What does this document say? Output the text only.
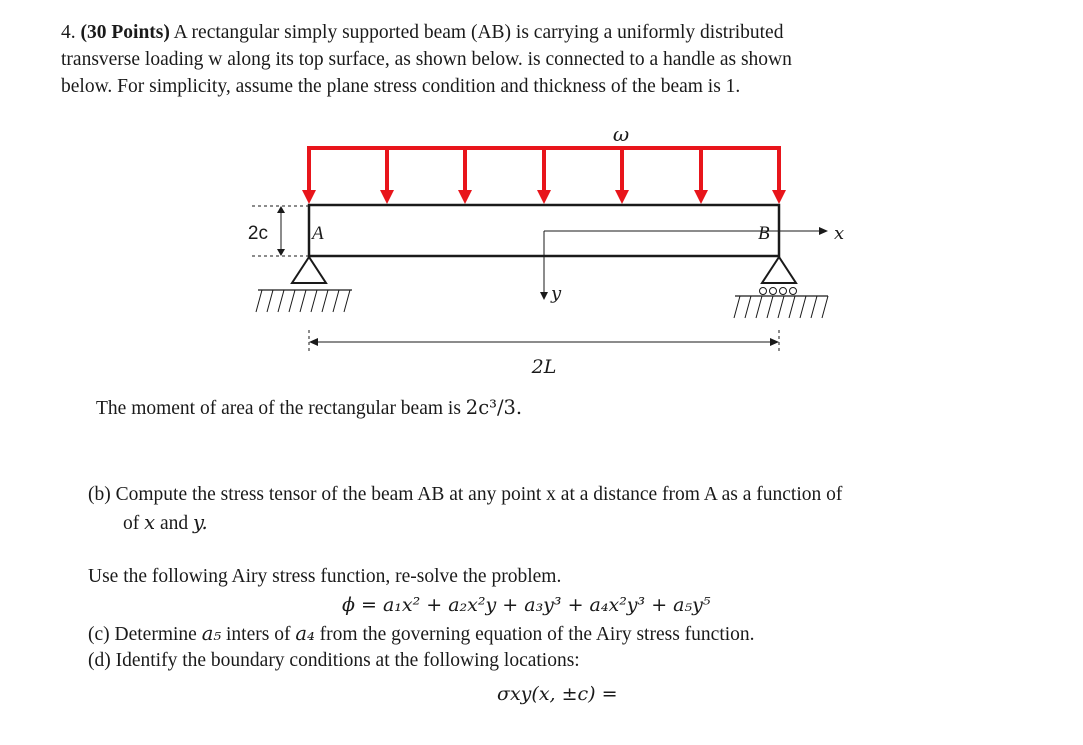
4. (30 Points) A rectangular simply supported beam (AB) is carrying a uniformly distributed
transverse loading w along its top surface, as shown below. is connected to a handle as shown
below. For simplicity, assume the plane stress condition and thickness of the beam is 1.
ω
2c A	B	x
y
2L
The moment of area of the rectangular beam is 2c³/3.
(b) Compute the stress tensor of the beam AB at any point x at a distance from A as a function of
of x and y.
Use the following Airy stress function, re-solve the problem.
ϕ = a₁x² + a₂x²y + a₃y³ + a₄x²y³ + a₅y⁵
(c) Determine a₅ inters of a₄ from the governing equation of the Airy stress function.
(d) Identify the boundary conditions at the following locations:
σxy(x, ±c) =
